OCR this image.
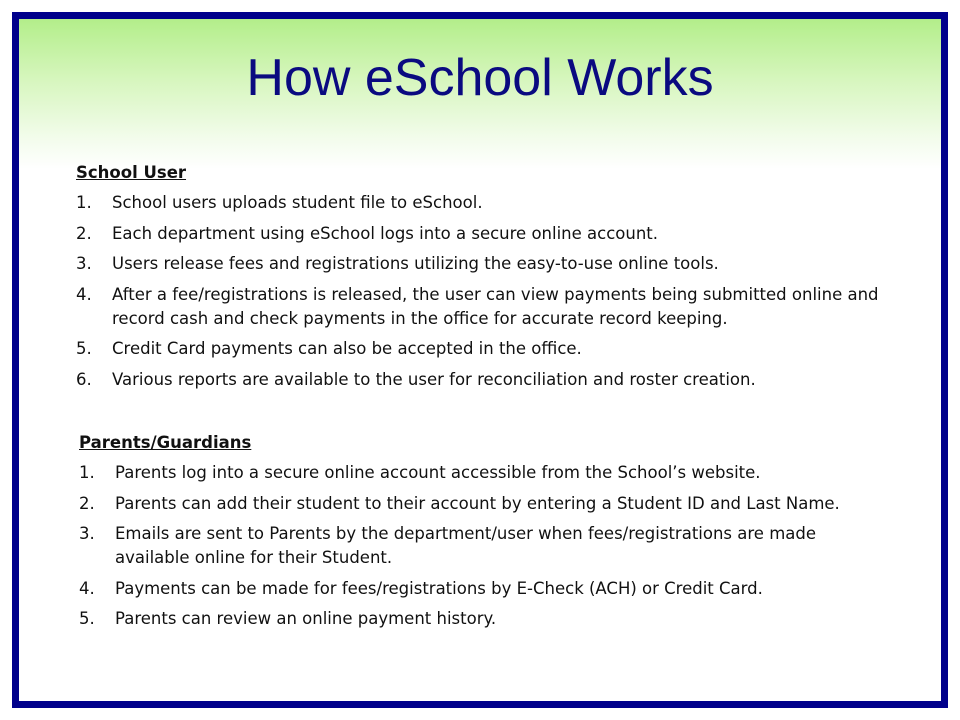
How eSchool Works
School User
1.	School users uploads student file to eSchool.
2.	Each department using eSchool logs into a secure online account.
3.	Users release fees and registrations utilizing the easy-to-use online tools.
4.	After a fee/registrations is released, the user can view payments being submitted online and record cash and check payments in the office for accurate record keeping.
5.	Credit Card payments can also be accepted in the office.
6.	Various reports are available to the user for reconciliation and roster creation.
Parents/Guardians
1.	Parents log into a secure online account accessible from the School’s website.
2.	Parents can add their student to their account by entering a Student ID and Last Name.
3.	Emails are sent to Parents by the department/user when fees/registrations are made available online for their Student.
4.	Payments can be made for fees/registrations by E-Check (ACH) or Credit Card.
5.	Parents can review an online payment history.
